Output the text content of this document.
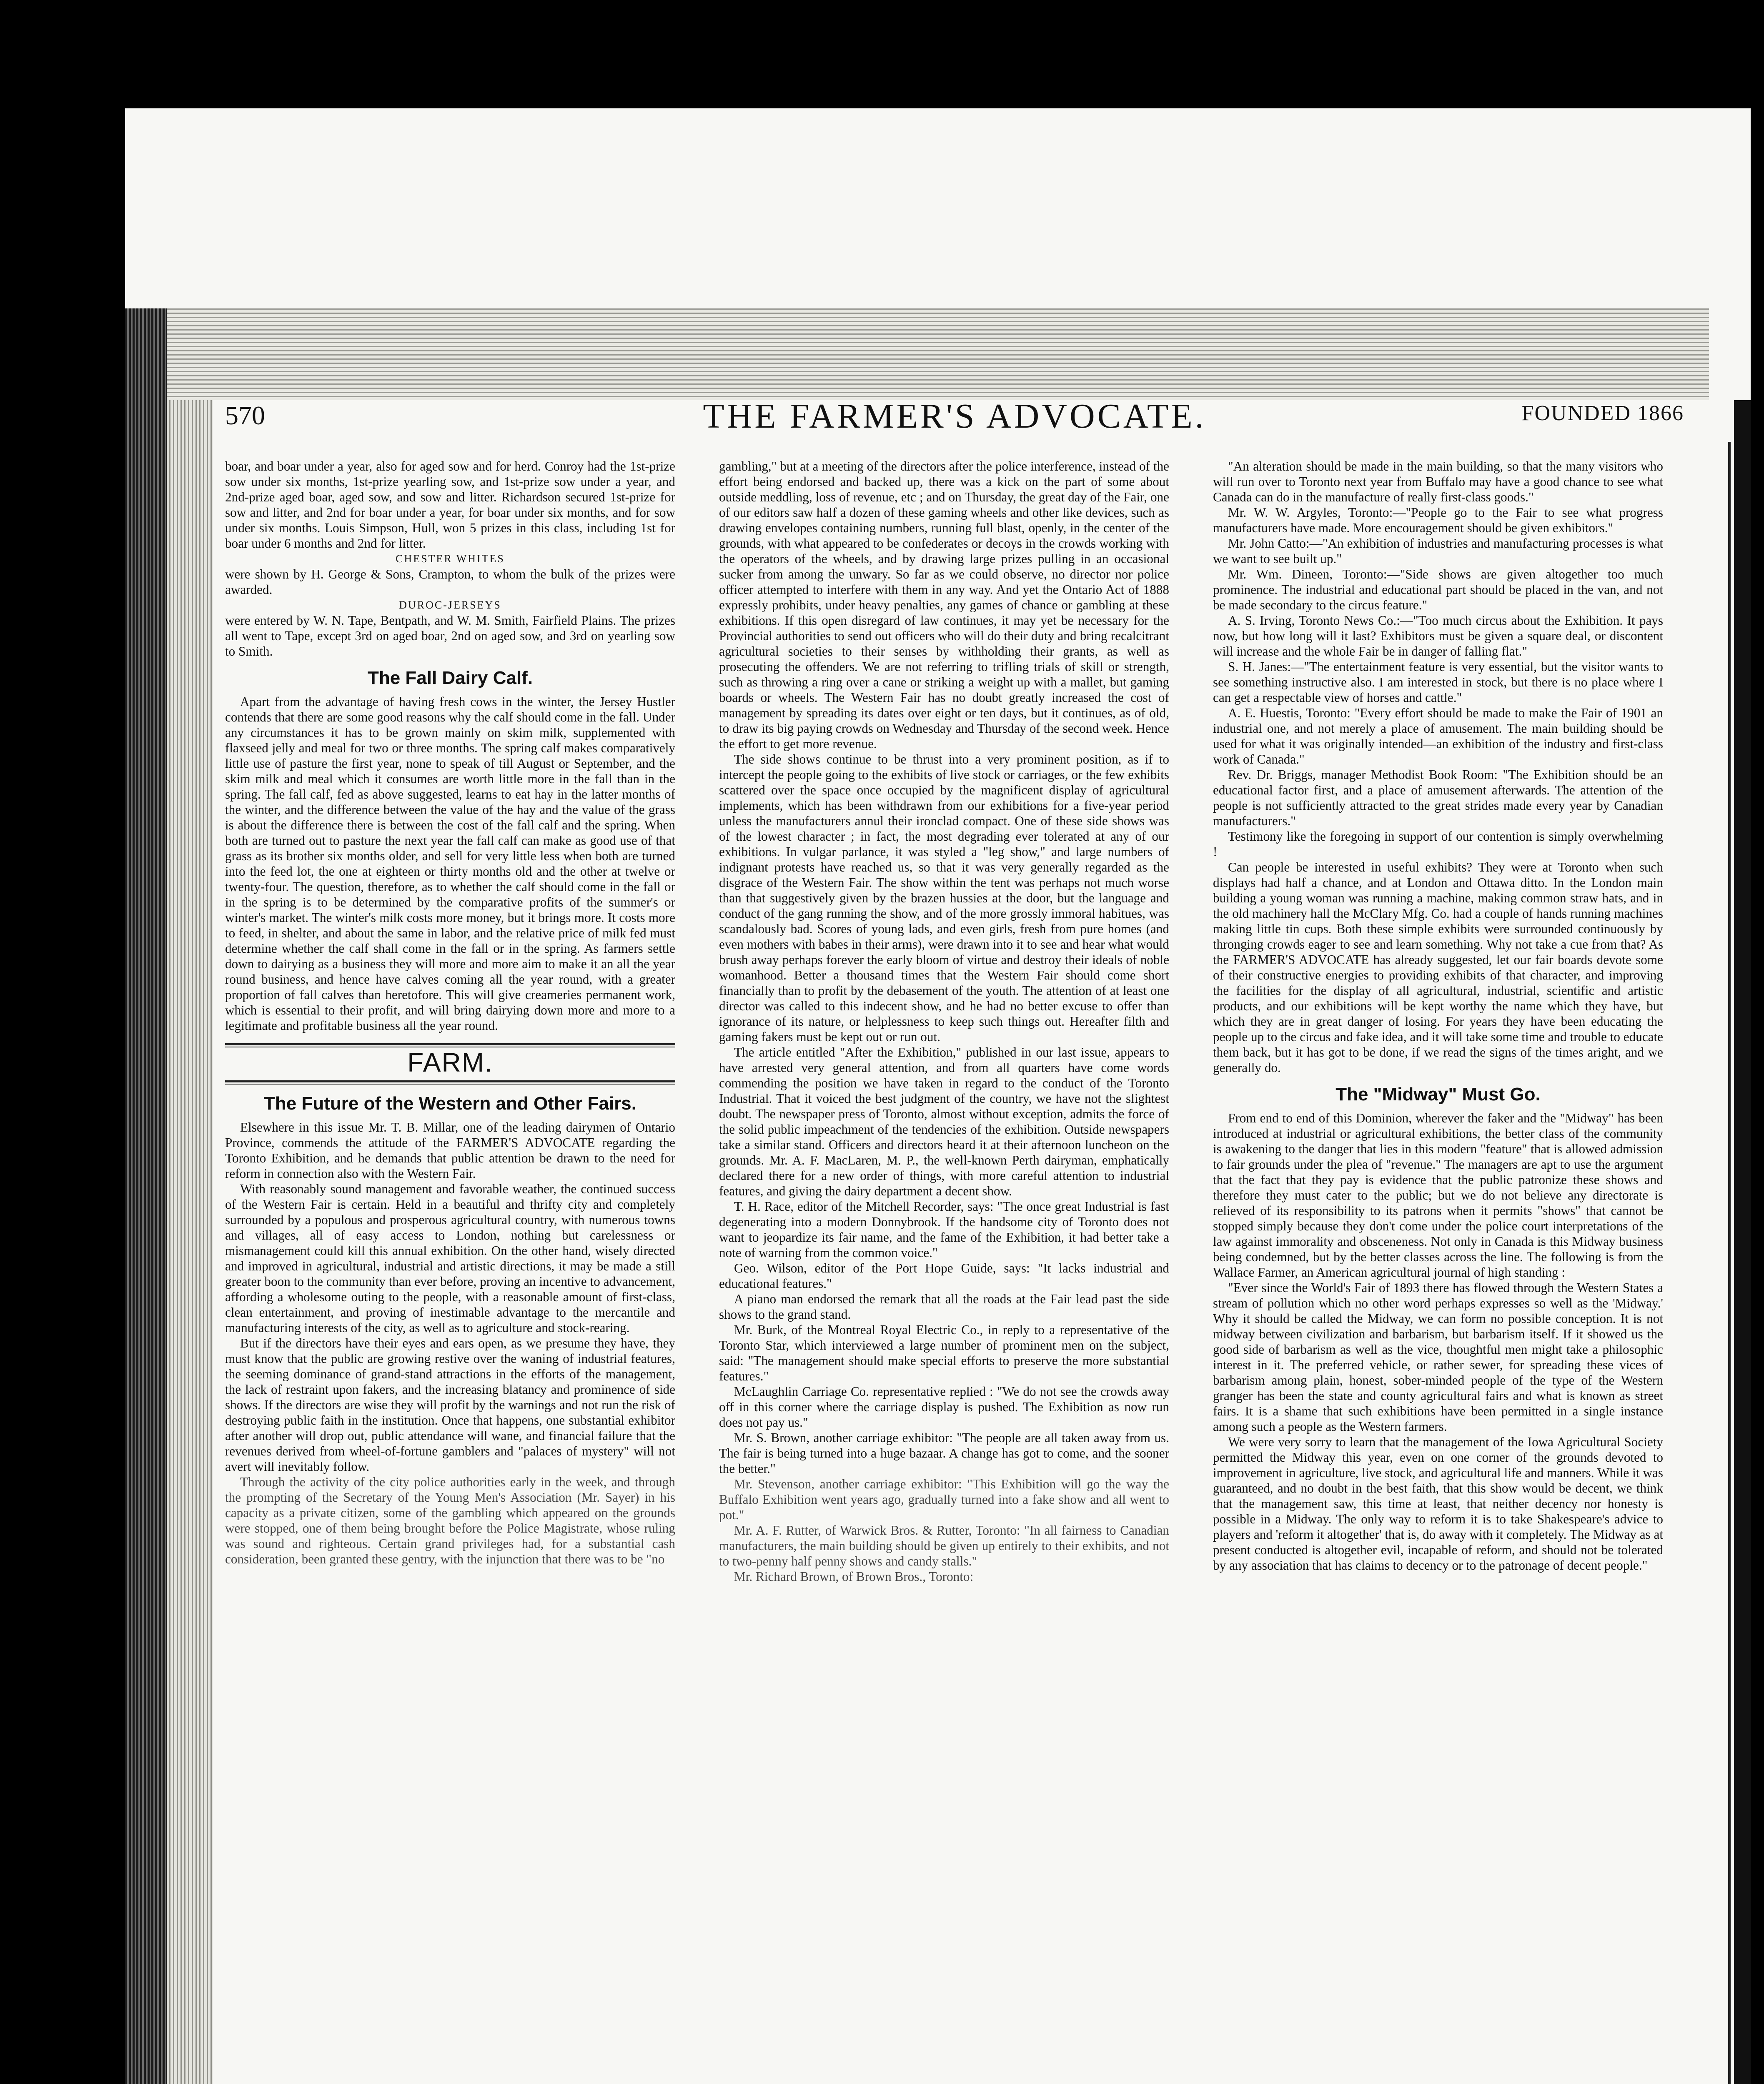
570	THE FARMER'S ADVOCATE.	FOUNDED 1866

boar, and boar under a year, also for aged sow and for herd. Conroy had the 1st-prize sow under six months, 1st-prize yearling sow, and 1st-prize sow under a year, and 2nd-prize aged boar, aged sow, and sow and litter. Richardson secured 1st-prize for sow and litter, and 2nd for boar under a year, for boar under six months, and for sow under six months. Louis Simpson, Hull, won 5 prizes in this class, including 1st for boar under 6 months and 2nd for litter.

CHESTER WHITES

were shown by H. George & Sons, Crampton, to whom the bulk of the prizes were awarded.

DUROC-JERSEYS

were entered by W. N. Tape, Bentpath, and W. M. Smith, Fairfield Plains. The prizes all went to Tape, except 3rd on aged boar, 2nd on aged sow, and 3rd on yearling sow to Smith.

The Fall Dairy Calf.

Apart from the advantage of having fresh cows in the winter, the Jersey Hustler contends that there are some good reasons why the calf should come in the fall. Under any circumstances it has to be grown mainly on skim milk, supplemented with flaxseed jelly and meal for two or three months. The spring calf makes comparatively little use of pasture the first year, none to speak of till August or September, and the skim milk and meal which it consumes are worth little more in the fall than in the spring. The fall calf, fed as above suggested, learns to eat hay in the latter months of the winter, and the difference between the value of the hay and the value of the grass is about the difference there is between the cost of the fall calf and the spring. When both are turned out to pasture the next year the fall calf can make as good use of that grass as its brother six months older, and sell for very little less when both are turned into the feed lot, the one at eighteen or thirty months old and the other at twelve or twenty-four. The question, therefore, as to whether the calf should come in the fall or in the spring is to be determined by the comparative profits of the summer's or winter's market. The winter's milk costs more money, but it brings more. It costs more to feed, in shelter, and about the same in labor, and the relative price of milk fed must determine whether the calf shall come in the fall or in the spring. As farmers settle down to dairying as a business they will more and more aim to make it an all the year round business, and hence have calves coming all the year round, with a greater proportion of fall calves than heretofore. This will give creameries permanent work, which is essential to their profit, and will bring dairying down more and more to a legitimate and profitable business all the year round.

FARM.
The Future of the Western and Other Fairs.

Elsewhere in this issue Mr. T. B. Millar, one of the leading dairymen of Ontario Province, commends the attitude of the FARMER'S ADVOCATE regarding the Toronto Exhibition, and he demands that public attention be drawn to the need for reform in connection also with the Western Fair.

With reasonably sound management and favorable weather, the continued success of the Western Fair is certain. Held in a beautiful and thrifty city and completely surrounded by a populous and prosperous agricultural country, with numerous towns and villages, all of easy access to London, nothing but carelessness or mismanagement could kill this annual exhibition. On the other hand, wisely directed and improved in agricultural, industrial and artistic directions, it may be made a still greater boon to the community than ever before, proving an incentive to advancement, affording a wholesome outing to the people, with a reasonable amount of first-class, clean entertainment, and proving of inestimable advantage to the mercantile and manufacturing interests of the city, as well as to agriculture and stock-rearing.

But if the directors have their eyes and ears open, as we presume they have, they must know that the public are growing restive over the waning of industrial features, the seeming dominance of grand-stand attractions in the efforts of the management, the lack of restraint upon fakers, and the increasing blatancy and prominence of side shows. If the directors are wise they will profit by the warnings and not run the risk of destroying public faith in the institution. Once that happens, one substantial exhibitor after another will drop out, public attendance will wane, and financial failure that the revenues derived from wheel-of-fortune gamblers and "palaces of mystery" will not avert will inevitably follow.

Through the activity of the city police authorities early in the week, and through the prompting of the Secretary of the Young Men's Association (Mr. Sayer) in his capacity as a private citizen, some of the gambling which appeared on the grounds were stopped, one of them being brought before the Police Magistrate, whose ruling was sound and righteous. Certain grand privileges had, for a substantial cash consideration, been granted these gentry, with the injunction that there was to be "no

gambling," but at a meeting of the directors after the police interference, instead of the effort being endorsed and backed up, there was a kick on the part of some about outside meddling, loss of revenue, etc ; and on Thursday, the great day of the Fair, one of our editors saw half a dozen of these gaming wheels and other like devices, such as drawing envelopes containing numbers, running full blast, openly, in the center of the grounds, with what appeared to be confederates or decoys in the crowds working with the operators of the wheels, and by drawing large prizes pulling in an occasional sucker from among the unwary. So far as we could observe, no director nor police officer attempted to interfere with them in any way. And yet the Ontario Act of 1888 expressly prohibits, under heavy penalties, any games of chance or gambling at these exhibitions. If this open disregard of law continues, it may yet be necessary for the Provincial authorities to send out officers who will do their duty and bring recalcitrant agricultural societies to their senses by withholding their grants, as well as prosecuting the offenders. We are not referring to trifling trials of skill or strength, such as throwing a ring over a cane or striking a weight up with a mallet, but gaming boards or wheels. The Western Fair has no doubt greatly increased the cost of management by spreading its dates over eight or ten days, but it continues, as of old, to draw its big paying crowds on Wednesday and Thursday of the second week. Hence the effort to get more revenue.

The side shows continue to be thrust into a very prominent position, as if to intercept the people going to the exhibits of live stock or carriages, or the few exhibits scattered over the space once occupied by the magnificent display of agricultural implements, which has been withdrawn from our exhibitions for a five-year period unless the manufacturers annul their ironclad compact. One of these side shows was of the lowest character ; in fact, the most degrading ever tolerated at any of our exhibitions. In vulgar parlance, it was styled a "leg show," and large numbers of indignant protests have reached us, so that it was very generally regarded as the disgrace of the Western Fair. The show within the tent was perhaps not much worse than that suggestively given by the brazen hussies at the door, but the language and conduct of the gang running the show, and of the more grossly immoral habitues, was scandalously bad. Scores of young lads, and even girls, fresh from pure homes (and even mothers with babes in their arms), were drawn into it to see and hear what would brush away perhaps forever the early bloom of virtue and destroy their ideals of noble womanhood. Better a thousand times that the Western Fair should come short financially than to profit by the debasement of the youth. The attention of at least one director was called to this indecent show, and he had no better excuse to offer than ignorance of its nature, or helplessness to keep such things out. Hereafter filth and gaming fakers must be kept out or run out.

The article entitled "After the Exhibition," published in our last issue, appears to have arrested very general attention, and from all quarters have come words commending the position we have taken in regard to the conduct of the Toronto Industrial. That it voiced the best judgment of the country, we have not the slightest doubt. The newspaper press of Toronto, almost without exception, admits the force of the solid public impeachment of the tendencies of the exhibition. Outside newspapers take a similar stand. Officers and directors heard it at their afternoon luncheon on the grounds. Mr. A. F. MacLaren, M. P., the well-known Perth dairyman, emphatically declared there for a new order of things, with more careful attention to industrial features, and giving the dairy department a decent show.

T. H. Race, editor of the Mitchell Recorder, says: "The once great Industrial is fast degenerating into a modern Donnybrook. If the handsome city of Toronto does not want to jeopardize its fair name, and the fame of the Exhibition, it had better take a note of warning from the common voice."

Geo. Wilson, editor of the Port Hope Guide, says: "It lacks industrial and educational features."

A piano man endorsed the remark that all the roads at the Fair lead past the side shows to the grand stand.

Mr. Burk, of the Montreal Royal Electric Co., in reply to a representative of the Toronto Star, which interviewed a large number of prominent men on the subject, said: "The management should make special efforts to preserve the more substantial features."

McLaughlin Carriage Co. representative replied : "We do not see the crowds away off in this corner where the carriage display is pushed. The Exhibition as now run does not pay us."

Mr. S. Brown, another carriage exhibitor: "The people are all taken away from us. The fair is being turned into a huge bazaar. A change has got to come, and the sooner the better."

Mr. Stevenson, another carriage exhibitor: "This Exhibition will go the way the Buffalo Exhibition went years ago, gradually turned into a fake show and all went to pot."

Mr. A. F. Rutter, of Warwick Bros. & Rutter, Toronto: "In all fairness to Canadian manufacturers, the main building should be given up entirely to their exhibits, and not to two-penny half penny shows and candy stalls."

Mr. Richard Brown, of Brown Bros., Toronto:

"An alteration should be made in the main building, so that the many visitors who will run over to Toronto next year from Buffalo may have a good chance to see what Canada can do in the manufacture of really first-class goods."

Mr. W. W. Argyles, Toronto:—"People go to the Fair to see what progress manufacturers have made. More encouragement should be given exhibitors."

Mr. John Catto:—"An exhibition of industries and manufacturing processes is what we want to see built up."

Mr. Wm. Dineen, Toronto:—"Side shows are given altogether too much prominence. The industrial and educational part should be placed in the van, and not be made secondary to the circus feature."

A. S. Irving, Toronto News Co.:—"Too much circus about the Exhibition. It pays now, but how long will it last? Exhibitors must be given a square deal, or discontent will increase and the whole Fair be in danger of falling flat."

S. H. Janes:—"The entertainment feature is very essential, but the visitor wants to see something instructive also. I am interested in stock, but there is no place where I can get a respectable view of horses and cattle."

A. E. Huestis, Toronto: "Every effort should be made to make the Fair of 1901 an industrial one, and not merely a place of amusement. The main building should be used for what it was originally intended—an exhibition of the industry and first-class work of Canada."

Rev. Dr. Briggs, manager Methodist Book Room: "The Exhibition should be an educational factor first, and a place of amusement afterwards. The attention of the people is not sufficiently attracted to the great strides made every year by Canadian manufacturers."

Testimony like the foregoing in support of our contention is simply overwhelming !

Can people be interested in useful exhibits? They were at Toronto when such displays had half a chance, and at London and Ottawa ditto. In the London main building a young woman was running a machine, making common straw hats, and in the old machinery hall the McClary Mfg. Co. had a couple of hands running machines making little tin cups. Both these simple exhibits were surrounded continuously by thronging crowds eager to see and learn something. Why not take a cue from that? As the FARMER'S ADVOCATE has already suggested, let our fair boards devote some of their constructive energies to providing exhibits of that character, and improving the facilities for the display of all agricultural, industrial, scientific and artistic products, and our exhibitions will be kept worthy the name which they have, but which they are in great danger of losing. For years they have been educating the people up to the circus and fake idea, and it will take some time and trouble to educate them back, but it has got to be done, if we read the signs of the times aright, and we generally do.

The "Midway" Must Go.

From end to end of this Dominion, wherever the faker and the "Midway" has been introduced at industrial or agricultural exhibitions, the better class of the community is awakening to the danger that lies in this modern "feature" that is allowed admission to fair grounds under the plea of "revenue." The managers are apt to use the argument that the fact that they pay is evidence that the public patronize these shows and therefore they must cater to the public; but we do not believe any directorate is relieved of its responsibility to its patrons when it permits "shows" that cannot be stopped simply because they don't come under the police court interpretations of the law against immorality and obsceneness. Not only in Canada is this Midway business being condemned, but by the better classes across the line. The following is from the Wallace Farmer, an American agricultural journal of high standing :

"Ever since the World's Fair of 1893 there has flowed through the Western States a stream of pollution which no other word perhaps expresses so well as the 'Midway.' Why it should be called the Midway, we can form no possible conception. It is not midway between civilization and barbarism, but barbarism itself. If it showed us the good side of barbarism as well as the vice, thoughtful men might take a philosophic interest in it. The preferred vehicle, or rather sewer, for spreading these vices of barbarism among plain, honest, sober-minded people of the type of the Western granger has been the state and county agricultural fairs and what is known as street fairs. It is a shame that such exhibitions have been permitted in a single instance among such a people as the Western farmers.

We were very sorry to learn that the management of the Iowa Agricultural Society permitted the Midway this year, even on one corner of the grounds devoted to improvement in agriculture, live stock, and agricultural life and manners. While it was guaranteed, and no doubt in the best faith, that this show would be decent, we think that the management saw, this time at least, that neither decency nor honesty is possible in a Midway. The only way to reform it is to take Shakespeare's advice to players and 'reform it altogether' that is, do away with it completely. The Midway as at present conducted is altogether evil, incapable of reform, and should not be tolerated by any association that has claims to decency or to the patronage of decent people."
